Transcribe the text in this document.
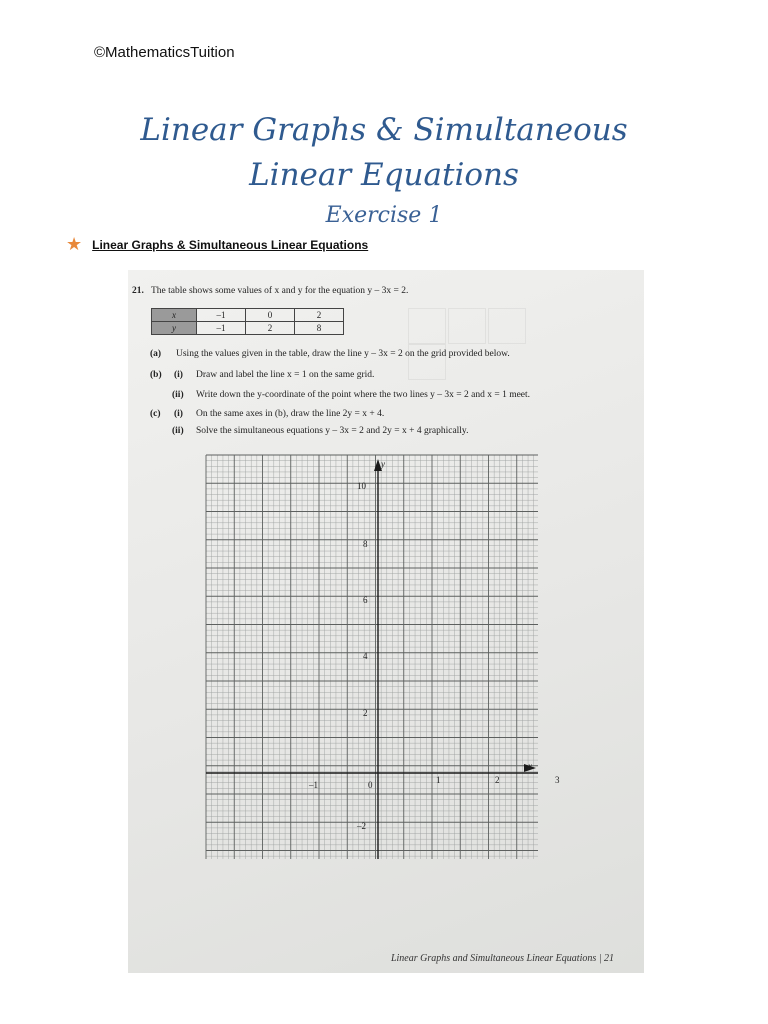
©MathematicsTuition
Linear Graphs & Simultaneous
Linear Equations
Exercise 1
★ Linear Graphs & Simultaneous Linear Equations
21. The table shows some values of x and y for the equation y – 3x = 2.
x	–1	0	2
y	–1	2	8
(a) Using the values given in the table, draw the line y – 3x = 2 on the grid provided below.
(b) (i) Draw and label the line x = 1 on the same grid.
(ii) Write down the y-coordinate of the point where the two lines y – 3x = 2 and x = 1 meet.
(c) (i) On the same axes in (b), draw the line 2y = x + 4.
(ii) Solve the simultaneous equations y – 3x = 2 and 2y = x + 4 graphically.
y
x
–1	0	1	2	3
10
8
6
4
2
–2
Linear Graphs and Simultaneous Linear Equations | 21
